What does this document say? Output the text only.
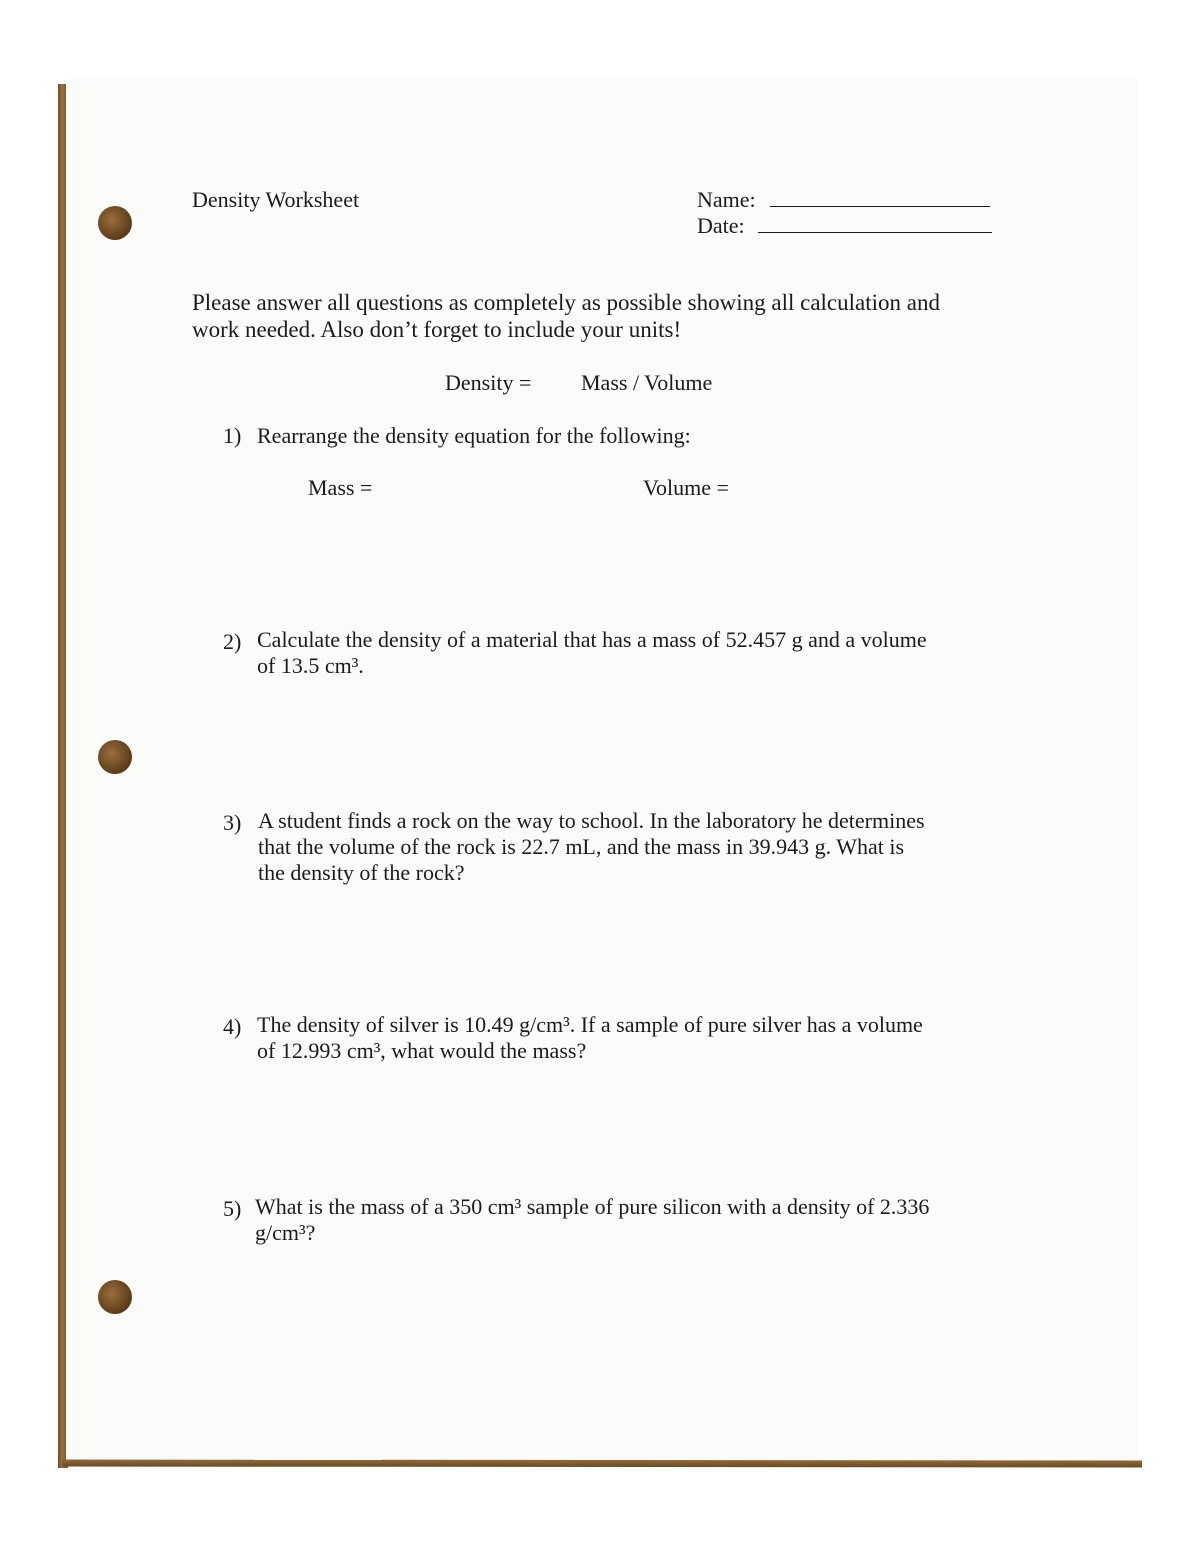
Density Worksheet	Name:
Date:
Please answer all questions as completely as possible showing all calculation and
work needed. Also don’t forget to include your units!
Density = Mass / Volume
1) Rearrange the density equation for the following:
Mass =	Volume =
2) Calculate the density of a material that has a mass of 52.457 g and a volume
of 13.5 cm³.
3) A student finds a rock on the way to school. In the laboratory he determines
that the volume of the rock is 22.7 mL, and the mass in 39.943 g. What is
the density of the rock?
4) The density of silver is 10.49 g/cm³. If a sample of pure silver has a volume
of 12.993 cm³, what would the mass?
5) What is the mass of a 350 cm³ sample of pure silicon with a density of 2.336
g/cm³?
